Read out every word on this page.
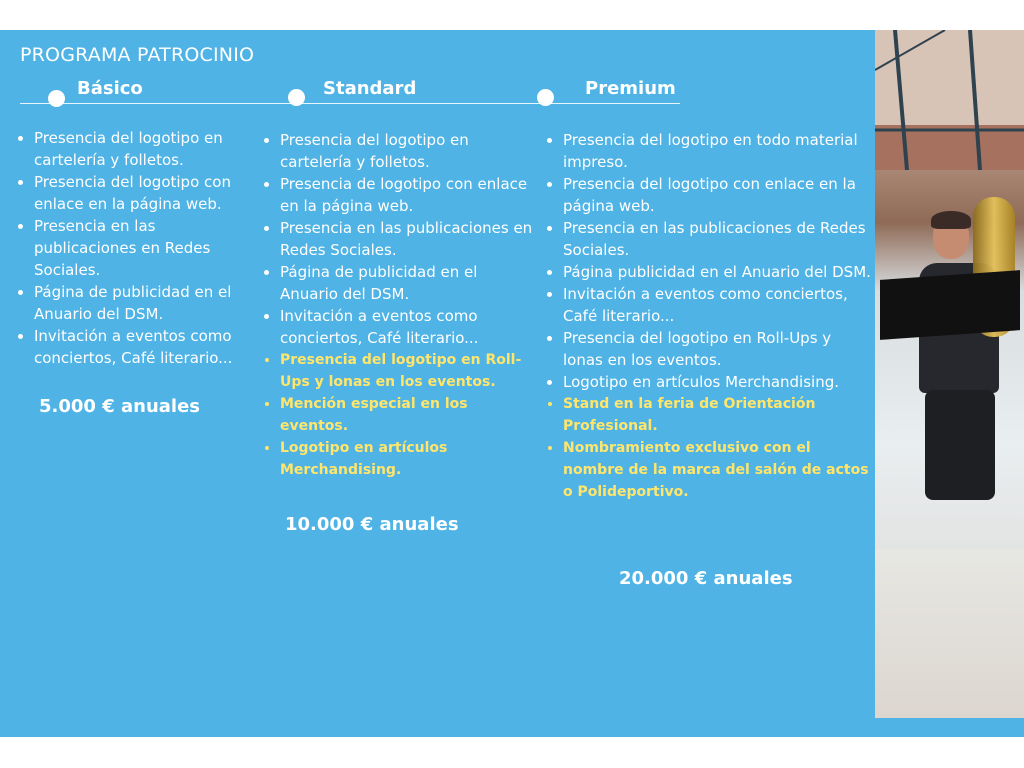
PROGRAMA PATROCINIO
Básico	Standard	Premium
• Presencia del logotipo en cartelería y folletos.
• Presencia del logotipo con enlace en la página web.
• Presencia en las publicaciones en Redes Sociales.
• Página de publicidad en el Anuario del DSM.
• Invitación a eventos como conciertos, Café literario...
• Presencia del logotipo en cartelería y folletos.
• Presencia de logotipo con enlace en la página web.
• Presencia en las publicaciones en Redes Sociales.
• Página de publicidad en el Anuario del DSM.
• Invitación a eventos como conciertos, Café literario...
• Presencia del logotipo en Roll-Ups y lonas en los eventos.
• Mención especial en los eventos.
• Logotipo en artículos Merchandising.
• Presencia del logotipo en todo material impreso.
• Presencia del logotipo con enlace en la página web.
• Presencia en las publicaciones de Redes Sociales.
• Página publicidad en el Anuario del DSM.
• Invitación a eventos como conciertos, Café literario...
• Presencia del logotipo en Roll-Ups y lonas en los eventos.
• Logotipo en artículos Merchandising.
• Stand en la feria de Orientación Profesional.
• Nombramiento exclusivo con el nombre de la marca del salón de actos o Polideportivo.
5.000 € anuales
10.000 € anuales
20.000 € anuales
